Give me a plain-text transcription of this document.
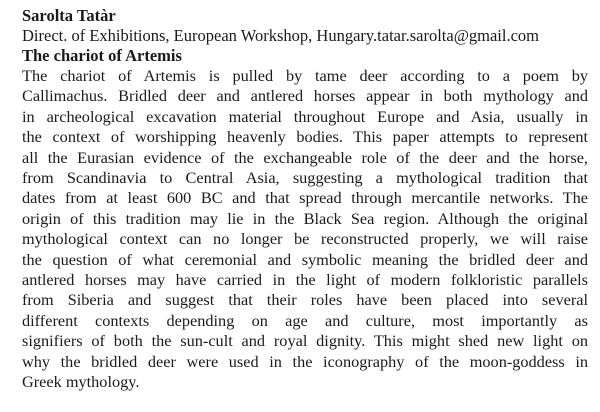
Sarolta Tatàr

Direct. of Exhibitions, European Workshop, Hungary.tatar.sarolta@gmail.com

The chariot of Artemis

The chariot of Artemis is pulled by tame deer according to a poem by
Callimachus. Bridled deer and antlered horses appear in both mythology and
in archeological excavation material throughout Europe and Asia, usually in
the context of worshipping heavenly bodies. This paper attempts to represent
all the Eurasian evidence of the exchangeable role of the deer and the horse,
from Scandinavia to Central Asia, suggesting a mythological tradition that
dates from at least 600 BC and that spread through mercantile networks. The
origin of this tradition may lie in the Black Sea region. Although the original
mythological context can no longer be reconstructed properly, we will raise
the question of what ceremonial and symbolic meaning the bridled deer and
antlered horses may have carried in the light of modern folkloristic parallels
from Siberia and suggest that their roles have been placed into several
different contexts depending on age and culture, most importantly as
signifiers of both the sun-cult and royal dignity. This might shed new light on
why the bridled deer were used in the iconography of the moon-goddess in
Greek mythology.
